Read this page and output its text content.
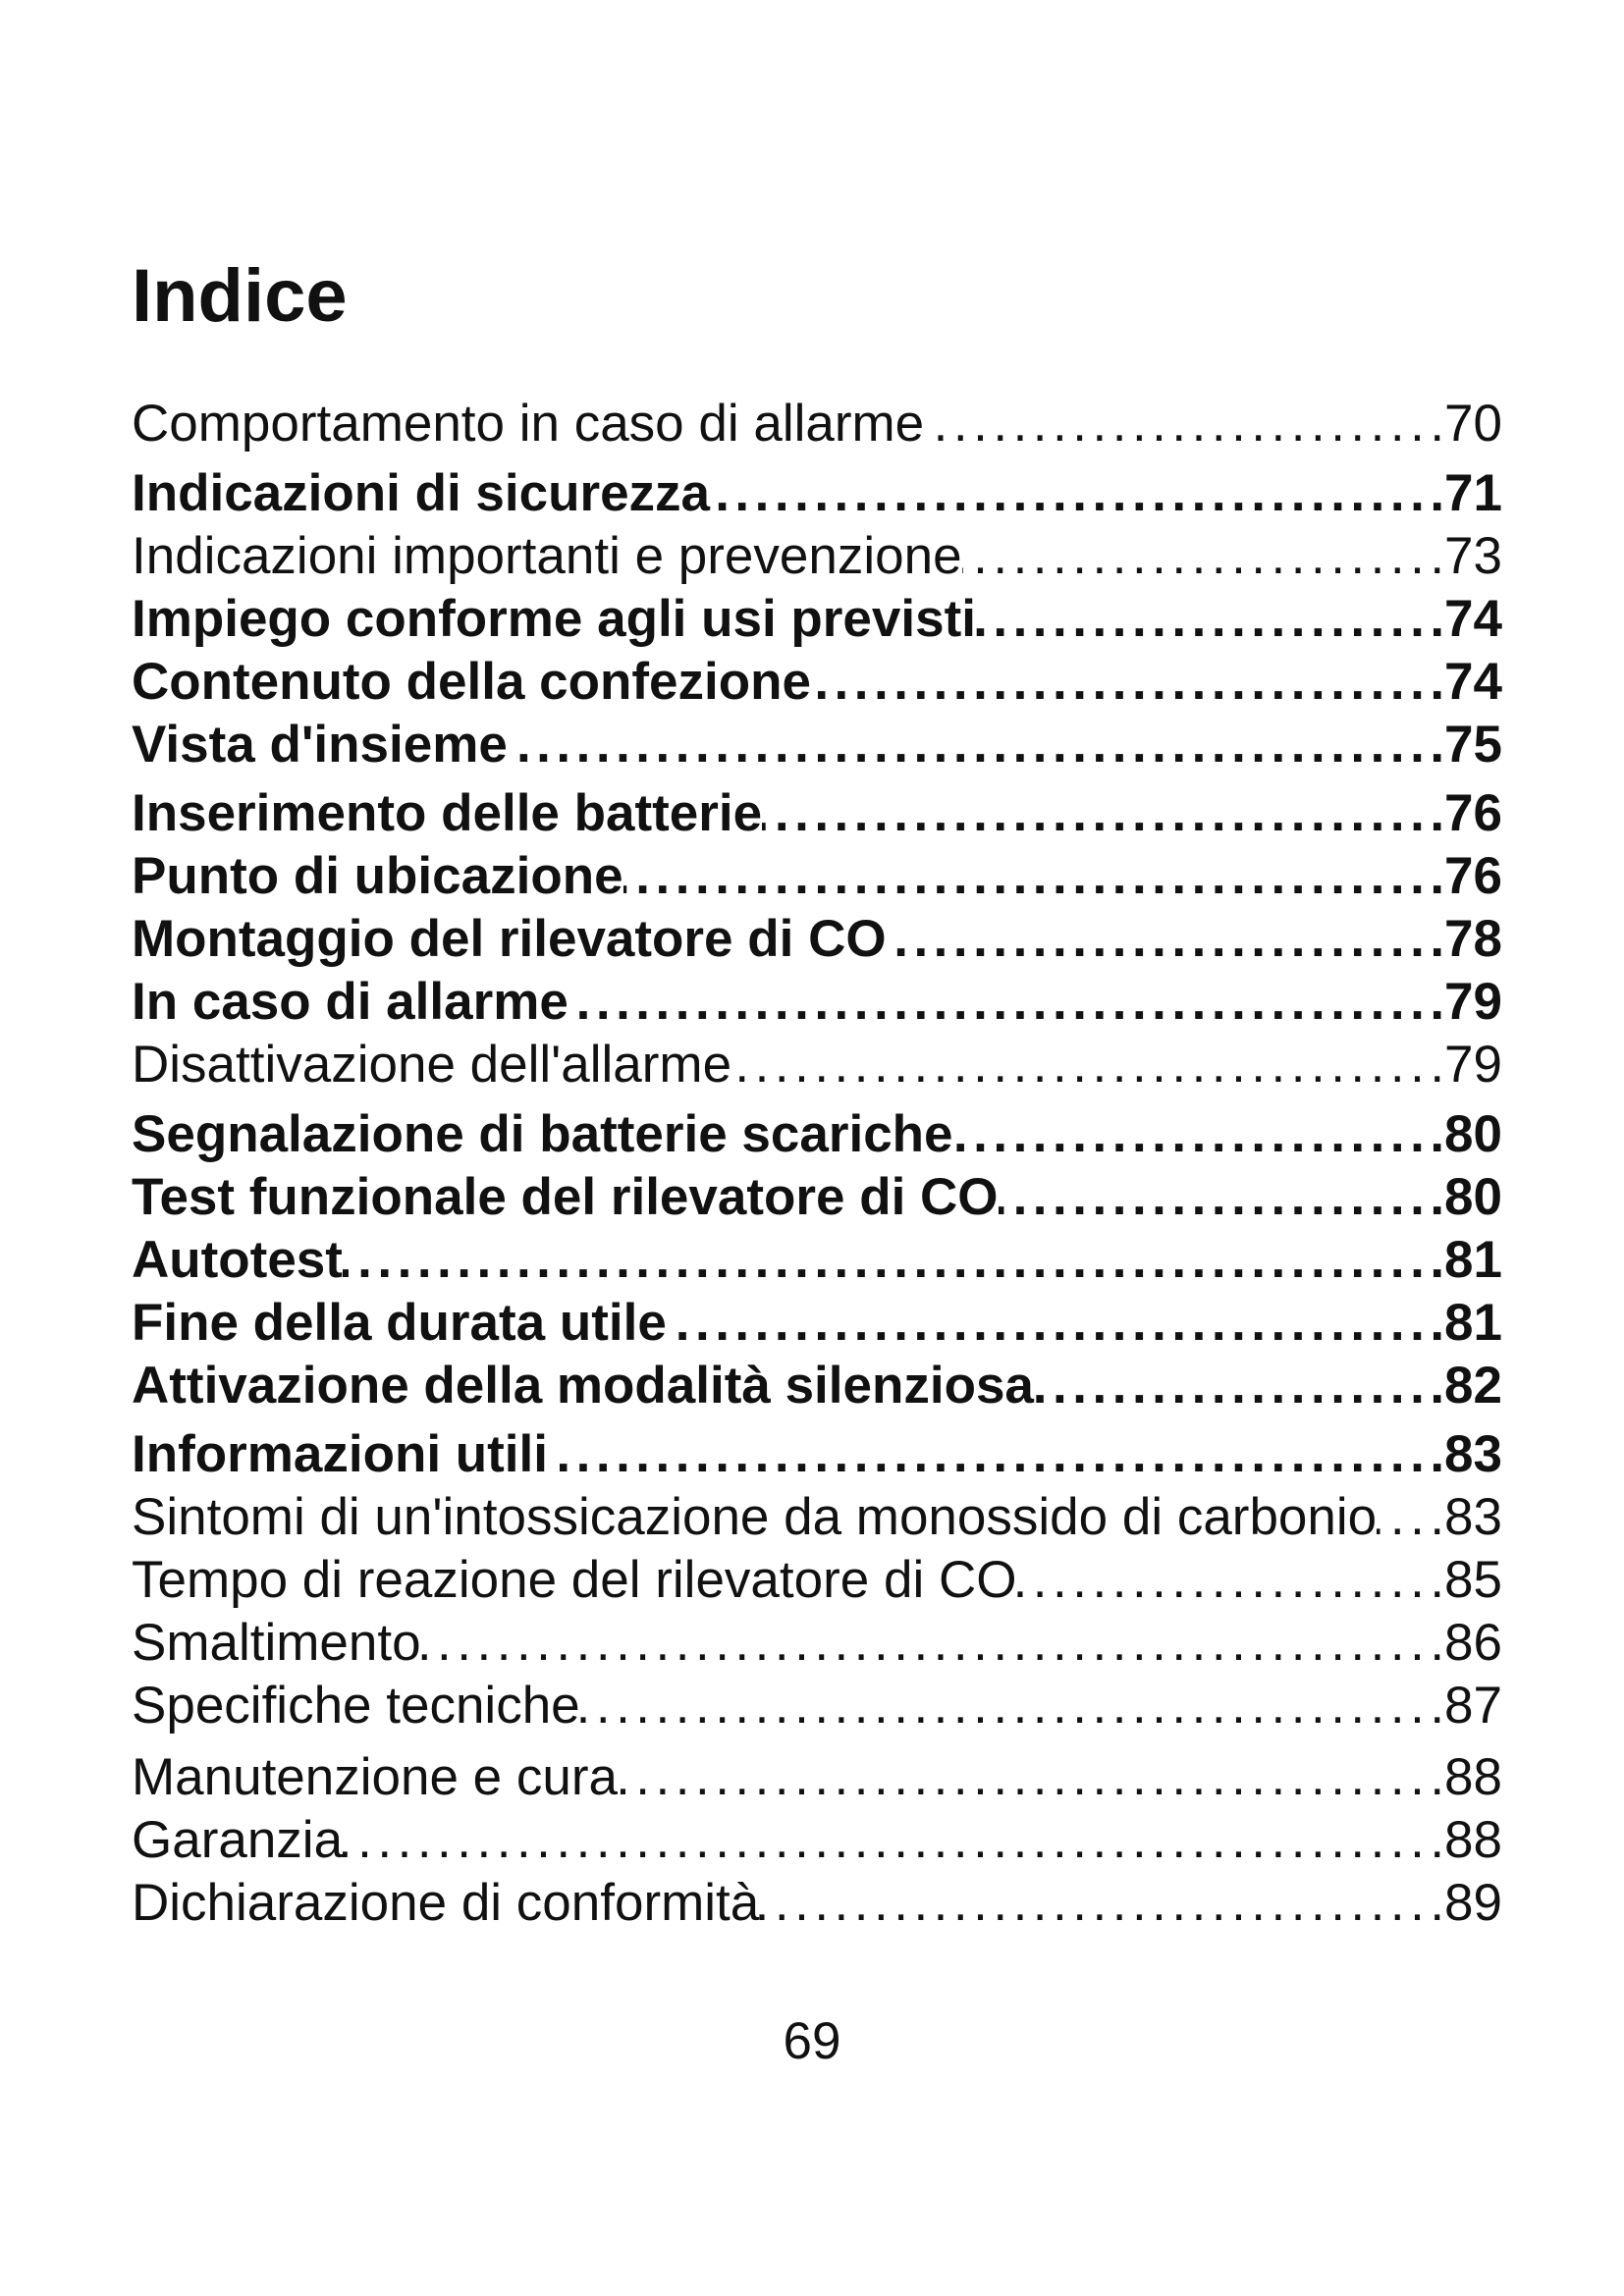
Indice
Comportamento in caso di allarme .....	70
Indicazioni di sicurezza .....	71
Indicazioni importanti e prevenzione .....	73
Impiego conforme agli usi previsti .....	74
Contenuto della confezione .....	74
Vista d'insieme .....	75
Inserimento delle batterie .....	76
Punto di ubicazione .....	76
Montaggio del rilevatore di CO .....	78
In caso di allarme .....	79
Disattivazione dell'allarme .....	79
Segnalazione di batterie scariche .....	80
Test funzionale del rilevatore di CO .....	80
Autotest .....	81
Fine della durata utile .....	81
Attivazione della modalità silenziosa .....	82
Informazioni utili .....	83
Sintomi di un'intossicazione da monossido di carbonio ..... 83
Tempo di reazione del rilevatore di CO .....	85
Smaltimento .....	86
Specifiche tecniche .....	87
Manutenzione e cura .....	88
Garanzia .....	88
Dichiarazione di conformità .....	89
69
